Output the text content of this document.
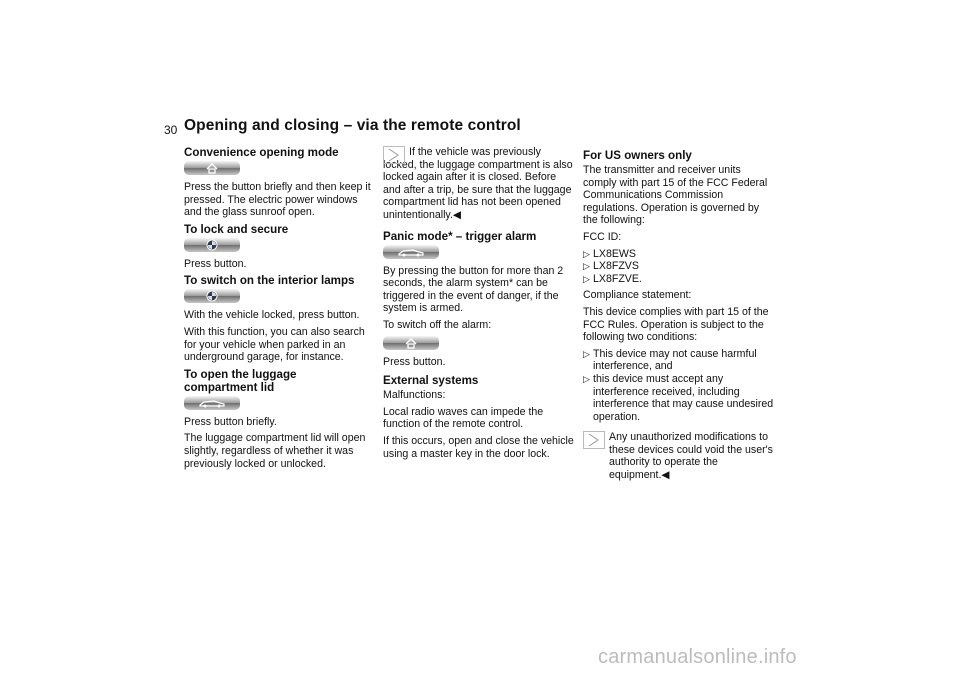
30 Opening and closing – via the remote control
Convenience opening mode

Press the button briefly and then keep it pressed. The electric power windows and the glass sunroof open.

To lock and secure

Press button.

To switch on the interior lamps

With the vehicle locked, press button.

With this function, you can also search for your vehicle when parked in an underground garage, for instance.

To open the luggage compartment lid

Press button briefly.

The luggage compartment lid will open slightly, regardless of whether it was previously locked or unlocked.

If the vehicle was previously

locked, the luggage compartment is also locked again after it is closed. Before and after a trip, be sure that the luggage compartment lid has not been opened unintentionally.◀

Panic mode* – trigger alarm

By pressing the button for more than 2 seconds, the alarm system* can be triggered in the event of danger, if the system is armed.

To switch off the alarm:

Press button.

External systems

Malfunctions:

Local radio waves can impede the function of the remote control.

If this occurs, open and close the vehicle using a master key in the door lock.

For US owners only

The transmitter and receiver units comply with part 15 of the FCC Federal Communications Commission regulations. Operation is governed by the following:

FCC ID:

▷ LX8EWS
▷ LX8FZVS
▷ LX8FZVE.

Compliance statement:

This device complies with part 15 of the FCC Rules. Operation is subject to the following two conditions:

▷ This device may not cause harmful interference, and
▷ this device must accept any interference received, including interference that may cause undesired operation.
Any unauthorized modifications to
these devices could void the user's authority to operate the equipment.◀
carmanualsonline.info
